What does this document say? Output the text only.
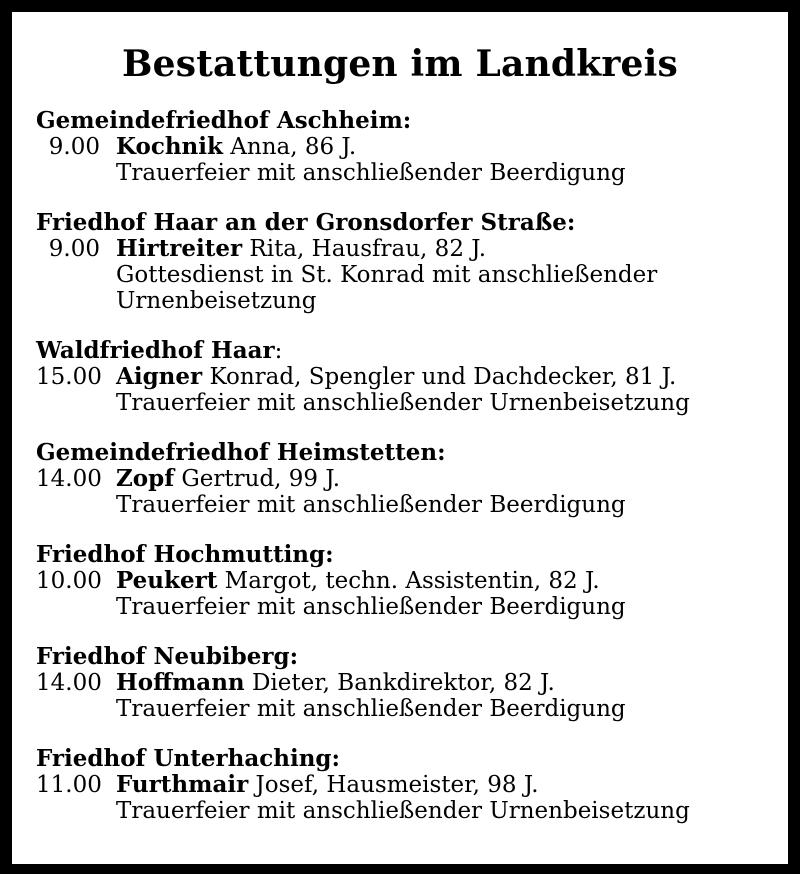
Bestattungen im Landkreis
Gemeindefriedhof Aschheim:
9.00 Kochnik Anna, 86 J.
Trauerfeier mit anschließender Beerdigung
Friedhof Haar an der Gronsdorfer Straße:
9.00 Hirtreiter Rita, Hausfrau, 82 J.
Gottesdienst in St. Konrad mit anschließender
Urnenbeisetzung
Waldfriedhof Haar:
15.00 Aigner Konrad, Spengler und Dachdecker, 81 J.
Trauerfeier mit anschließender Urnenbeisetzung
Gemeindefriedhof Heimstetten:
14.00 Zopf Gertrud, 99 J.
Trauerfeier mit anschließender Beerdigung
Friedhof Hochmutting:
10.00 Peukert Margot, techn. Assistentin, 82 J.
Trauerfeier mit anschließender Beerdigung
Friedhof Neubiberg:
14.00 Hoffmann Dieter, Bankdirektor, 82 J.
Trauerfeier mit anschließender Beerdigung
Friedhof Unterhaching:
11.00 Furthmair Josef, Hausmeister, 98 J.
Trauerfeier mit anschließender Urnenbeisetzung
